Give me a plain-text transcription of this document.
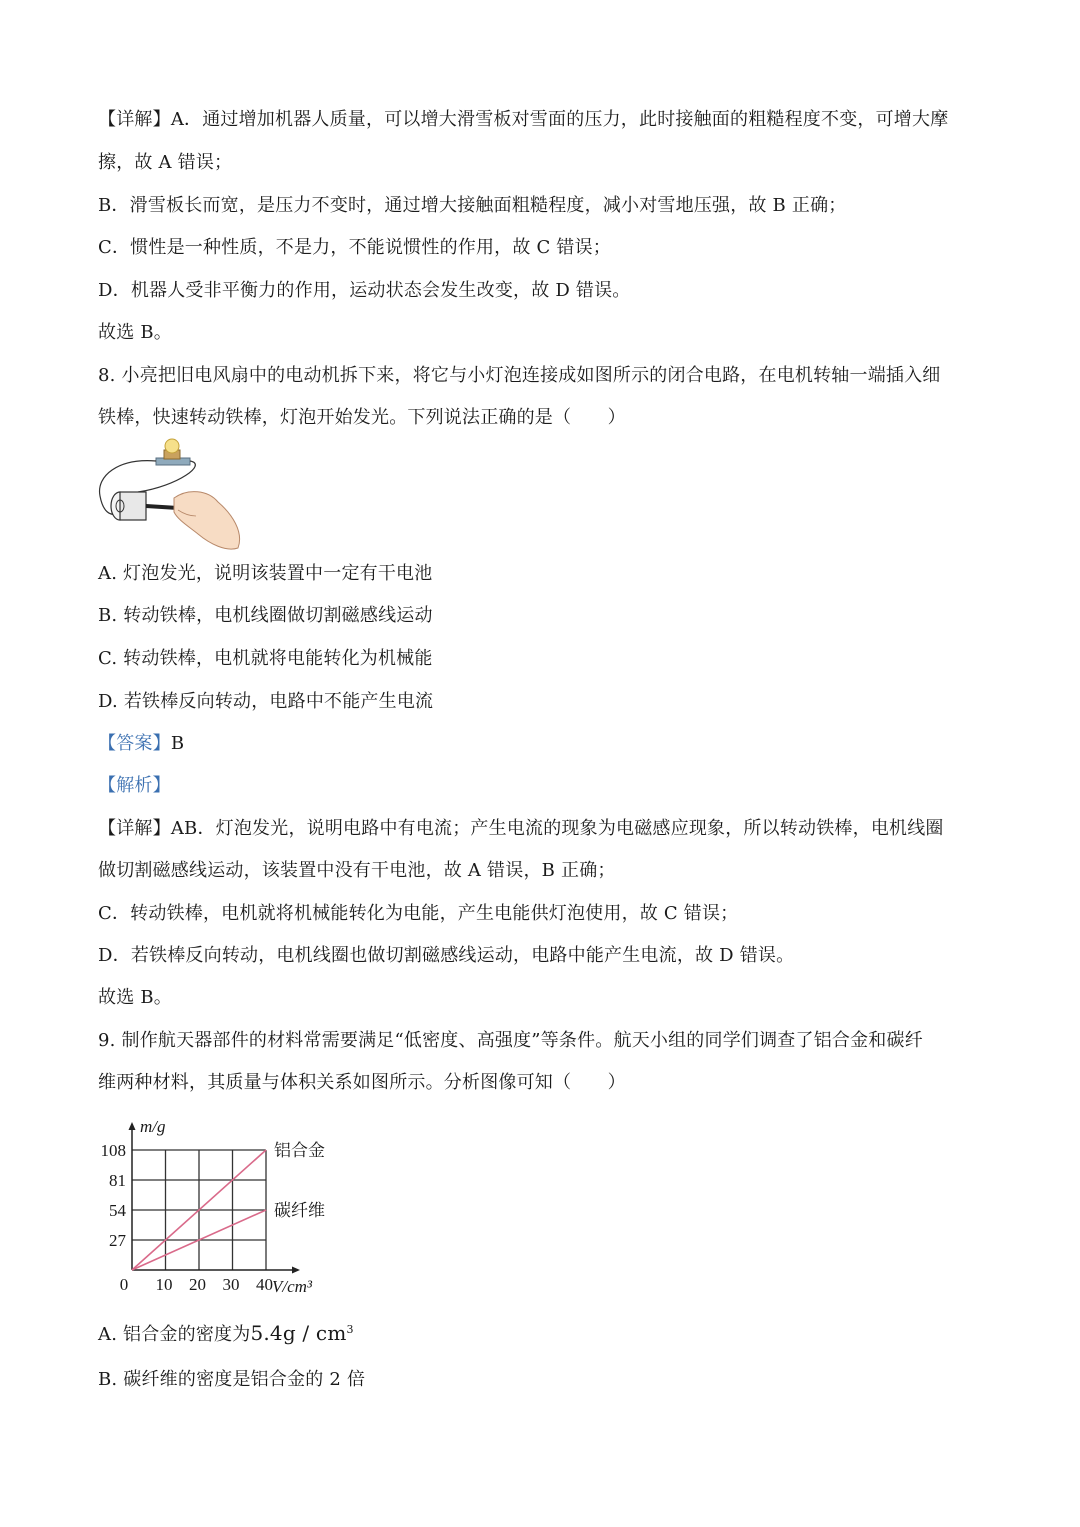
【详解】A．通过增加机器人质量，可以增大滑雪板对雪面的压力，此时接触面的粗糙程度不变，可增大摩
擦，故 A 错误；
B．滑雪板长而宽，是压力不变时，通过增大接触面粗糙程度，减小对雪地压强，故 B 正确；
C．惯性是一种性质，不是力，不能说惯性的作用，故 C 错误；
D．机器人受非平衡力的作用，运动状态会发生改变，故 D 错误。
故选 B。
8. 小亮把旧电风扇中的电动机拆下来，将它与小灯泡连接成如图所示的闭合电路，在电机转轴一端插入细
铁棒，快速转动铁棒，灯泡开始发光。下列说法正确的是（　　）
A. 灯泡发光，说明该装置中一定有干电池
B. 转动铁棒，电机线圈做切割磁感线运动
C. 转动铁棒，电机就将电能转化为机械能
D. 若铁棒反向转动，电路中不能产生电流
【答案】B
【解析】
【详解】AB．灯泡发光，说明电路中有电流；产生电流的现象为电磁感应现象，所以转动铁棒，电机线圈
做切割磁感线运动，该装置中没有干电池，故 A 错误，B 正确；
C．转动铁棒，电机就将机械能转化为电能，产生电能供灯泡使用，故 C 错误；
D．若铁棒反向转动，电机线圈也做切割磁感线运动，电路中能产生电流，故 D 错误。
故选 B。
9. 制作航天器部件的材料常需要满足“低密度、高强度”等条件。航天小组的同学们调查了铝合金和碳纤
维两种材料，其质量与体积关系如图所示。分析图像可知（　　）
铝合金
碳纤维
10 20 30 40
27
54
81
108
0
m/g
V/cm³
A. 铝合金的密度为$5.4g / cm^3$
B. 碳纤维的密度是铝合金的 2 倍
